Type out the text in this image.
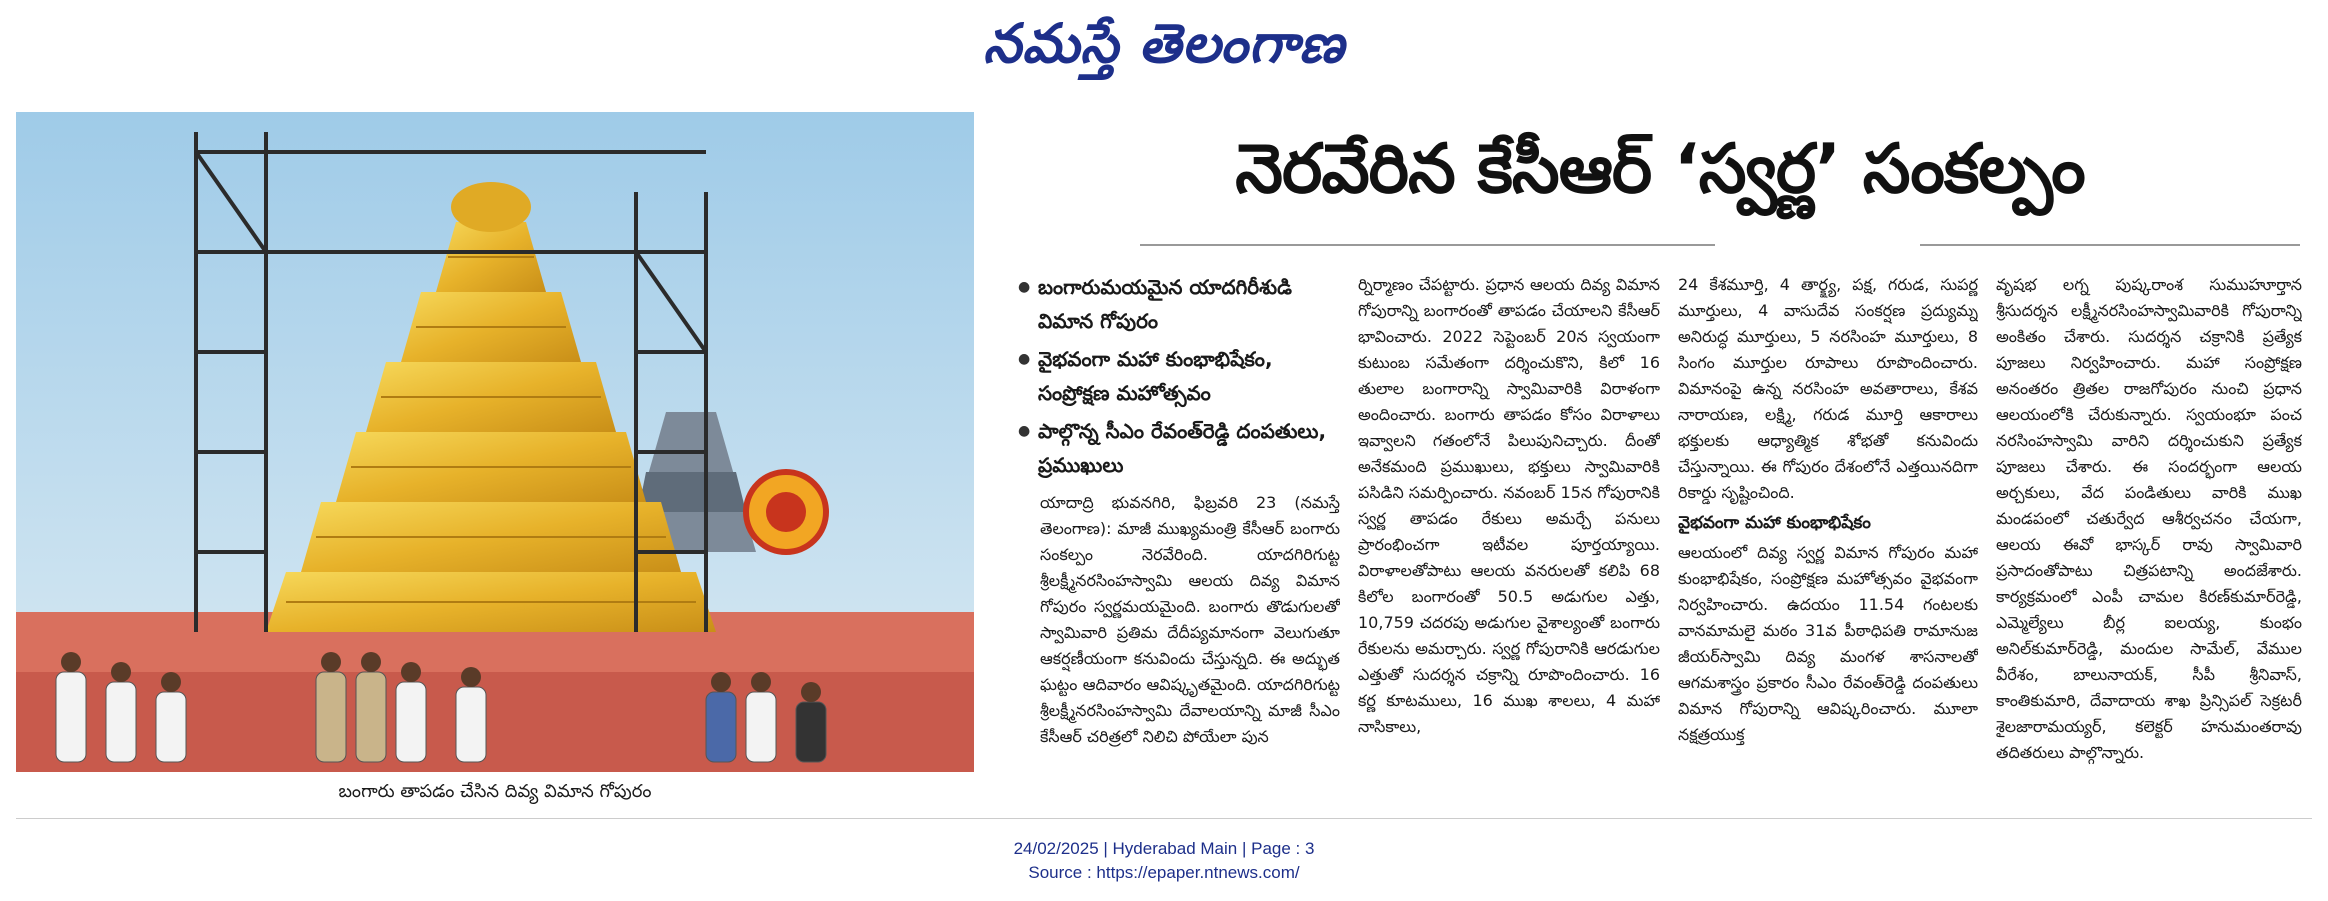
నమస్తే తెలంగాణ
బంగారు తాపడం చేసిన దివ్య విమాన గోపురం
నెరవేరిన కేసీఆర్ ‘స్వర్ణ’ సంకల్పం
● బంగారుమయమైన యాదగిరీశుడి విమాన గోపురం
● వైభవంగా మహా కుంభాభిషేకం, సంప్రోక్షణ మహోత్సవం
● పాల్గొన్న సీఎం రేవంత్‌రెడ్డి దంపతులు, ప్రముఖులు

యాదాద్రి భువనగిరి, ఫిబ్రవరి 23 (నమస్తే తెలంగాణ): మాజీ ముఖ్యమంత్రి కేసీఆర్ బంగారు సంకల్పం నెరవేరింది. యాదగిరిగుట్ట శ్రీలక్ష్మీనరసింహస్వామి ఆలయ దివ్య విమాన గోపురం స్వర్ణమయమైంది. బంగారు తొడుగులతో స్వామివారి ప్రతిమ దేదీప్యమానంగా వెలుగుతూ ఆకర్షణీయంగా కనువిందు చేస్తున్నది. ఈ అద్భుత ఘట్టం ఆదివారం ఆవిష్కృతమైంది. యాదగిరిగుట్ట శ్రీలక్ష్మీనరసింహస్వామి దేవాలయాన్ని మాజీ సీఎం కేసీఆర్ చరిత్రలో నిలిచి పోయేలా పున

ర్నిర్మాణం చేపట్టారు. ప్రధాన ఆలయ దివ్య విమాన గోపురాన్ని బంగారంతో తాపడం చేయాలని కేసీఆర్ భావించారు. 2022 సెప్టెంబర్ 20న స్వయంగా కుటుంబ సమేతంగా దర్శించుకొని, కిలో 16 తులాల బంగారాన్ని స్వామివారికి విరాళంగా అందించారు. బంగారు తాపడం కోసం విరాళాలు ఇవ్వాలని గతంలోనే పిలుపునిచ్చారు. దీంతో అనేకమంది ప్రముఖులు, భక్తులు స్వామివారికి పసిడిని సమర్పించారు. నవంబర్ 15న గోపురానికి స్వర్ణ తాపడం రేకులు అమర్చే పనులు ప్రారంభించగా ఇటీవల పూర్తయ్యాయి. విరాళాలతోపాటు ఆలయ వనరులతో కలిపి 68 కిలోల బంగారంతో 50.5 అడుగుల ఎత్తు, 10,759 చదరపు అడుగుల వైశాల్యంతో బంగారు రేకులను అమర్చారు. స్వర్ణ గోపురానికి ఆరడుగుల ఎత్తుతో సుదర్శన చక్రాన్ని రూపొందించారు. 16 కర్ణ కూటములు, 16 ముఖ శాలలు, 4 మహా నాసికాలు,

24 కేశమూర్తి, 4 తార్క్ష్య, పక్ష, గరుడ, సుపర్ణ మూర్తులు, 4 వాసుదేవ సంకర్షణ ప్రద్యుమ్న అనిరుద్ధ మూర్తులు, 5 నరసింహ మూర్తులు, 8 సింగం మూర్తుల రూపాలు రూపొందించారు. విమానంపై ఉన్న నరసింహ అవతారాలు, కేశవ నారాయణ, లక్ష్మి, గరుడ మూర్తి ఆకారాలు భక్తులకు ఆధ్యాత్మిక శోభతో కనువిందు చేస్తున్నాయి. ఈ గోపురం దేశంలోనే ఎత్తయినదిగా రికార్డు సృష్టించింది.

వైభవంగా మహా కుంభాభిషేకం

ఆలయంలో దివ్య స్వర్ణ విమాన గోపురం మహా కుంభాభిషేకం, సంప్రోక్షణ మహోత్సవం వైభవంగా నిర్వహించారు. ఉదయం 11.54 గంటలకు వానమామలై మఠం 31వ పీఠాధిపతి రామానుజ జీయర్‌స్వామి దివ్య మంగళ శాసనాలతో ఆగమశాస్త్రం ప్రకారం సీఎం రేవంత్‌రెడ్డి దంపతులు విమాన గోపురాన్ని ఆవిష్కరించారు. మూలా నక్షత్రయుక్త

వృషభ లగ్న పుష్కరాంశ సుముహూర్తాన శ్రీసుదర్శన లక్ష్మీనరసింహస్వామివారికి గోపురాన్ని అంకితం చేశారు. సుదర్శన చక్రానికి ప్రత్యేక పూజలు నిర్వహించారు. మహా సంప్రోక్షణ అనంతరం త్రితల రాజగోపురం నుంచి ప్రధాన ఆలయంలోకి చేరుకున్నారు. స్వయంభూ పంచ నరసింహస్వామి వారిని దర్శించుకుని ప్రత్యేక పూజలు చేశారు. ఈ సందర్భంగా ఆలయ అర్చకులు, వేద పండితులు వారికి ముఖ మండపంలో చతుర్వేద ఆశీర్వచనం చేయగా, ఆలయ ఈవో భాస్కర్ రావు స్వామివారి ప్రసాదంతోపాటు చిత్రపటాన్ని అందజేశారు. కార్యక్రమంలో ఎంపీ చామల కిరణ్‌కుమార్‌రెడ్డి, ఎమ్మెల్యేలు బీర్ల ఐలయ్య, కుంభం అనిల్‌కుమార్‌రెడ్డి, మందుల సామేల్, వేముల వీరేశం, బాలునాయక్, సీపీ శ్రీనివాస్, కాంతికుమారి, దేవాదాయ శాఖ ప్రిన్సిపల్ సెక్రటరీ శైలజారామయ్యర్, కలెక్టర్ హనుమంతరావు తదితరులు పాల్గొన్నారు.

24/02/2025 | Hyderabad Main | Page : 3
Source : https://epaper.ntnews.com/
